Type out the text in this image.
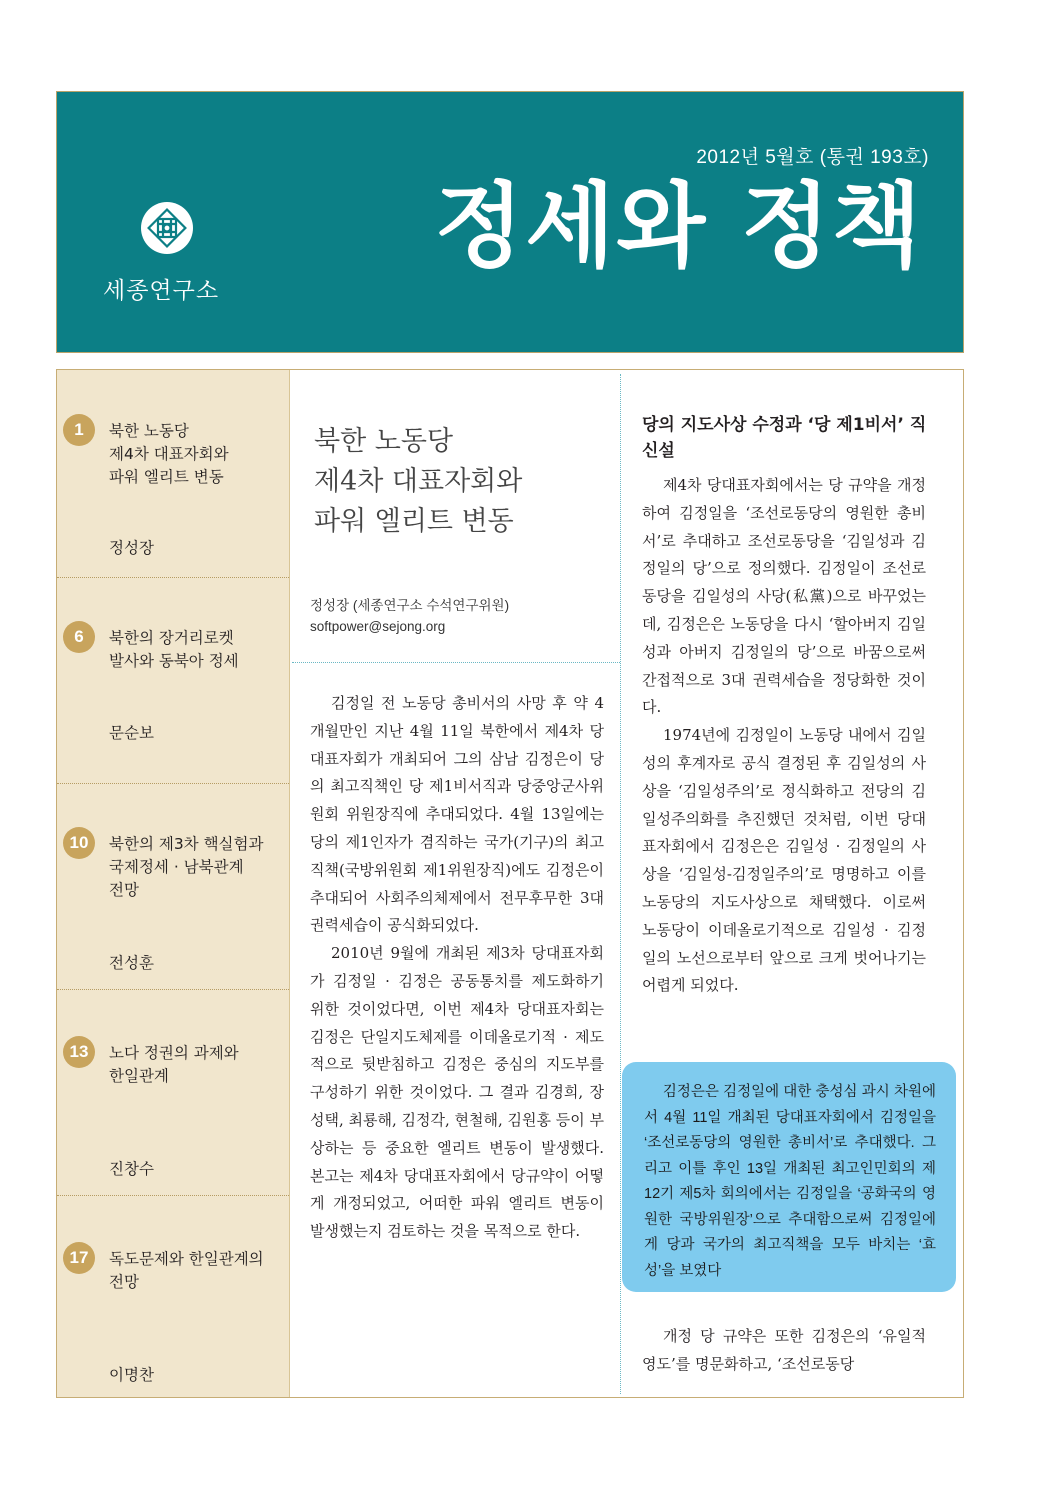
2012년 5월호 (통권 193호)
세종연구소
정세와 정책
1	북한 노동당
제4차 대표자회와
파워 엘리트 변동
정성장
6	북한의 장거리로켓
발사와 동북아 정세
문순보
10	북한의 제3차 핵실험과
국제정세 · 남북관계
전망
전성훈
13	노다 정권의 과제와
한일관계
진창수
17	독도문제와 한일관계의
전망
이명찬
북한 노동당
제4차 대표자회와
파워 엘리트 변동
정성장 (세종연구소 수석연구위원)
softpower@sejong.org

김정일 전 노동당 총비서의 사망 후 약 4개월만인 지난 4월 11일 북한에서 제4차 당대표자회가 개최되어 그의 삼남 김정은이 당의 최고직책인 당 제1비서직과 당중앙군사위원회 위원장직에 추대되었다. 4월 13일에는 당의 제1인자가 겸직하는 국가(기구)의 최고직책(국방위원회 제1위원장직)에도 김정은이 추대되어 사회주의체제에서 전무후무한 3대 권력세습이 공식화되었다.

2010년 9월에 개최된 제3차 당대표자회가 김정일 · 김정은 공동통치를 제도화하기 위한 것이었다면, 이번 제4차 당대표자회는 김정은 단일지도체제를 이데올로기적 · 제도적으로 뒷받침하고 김정은 중심의 지도부를 구성하기 위한 것이었다. 그 결과 김경희, 장성택, 최룡해, 김정각, 현철해, 김원홍 등이 부상하는 등 중요한 엘리트 변동이 발생했다. 본고는 제4차 당대표자회에서 당규약이 어떻게 개정되었고, 어떠한 파워 엘리트 변동이 발생했는지 검토하는 것을 목적으로 한다.

당의 지도사상 수정과 ‘당 제1비서’ 직 신설

제4차 당대표자회에서는 당 규약을 개정하여 김정일을 ‘조선로동당의 영원한 총비서’로 추대하고 조선로동당을 ‘김일성과 김정일의 당’으로 정의했다. 김정일이 조선로동당을 김일성의 사당(私黨)으로 바꾸었는데, 김정은은 노동당을 다시 ‘할아버지 김일성과 아버지 김정일의 당’으로 바꿈으로써 간접적으로 3대 권력세습을 정당화한 것이다.

1974년에 김정일이 노동당 내에서 김일성의 후계자로 공식 결정된 후 김일성의 사상을 ‘김일성주의’로 정식화하고 전당의 김일성주의화를 추진했던 것처럼, 이번 당대표자회에서 김정은은 김일성 · 김정일의 사상을 ‘김일성-김정일주의’로 명명하고 이를 노동당의 지도사상으로 채택했다. 이로써 노동당이 이데올로기적으로 김일성 · 김정일의 노선으로부터 앞으로 크게 벗어나기는 어렵게 되었다.

김정은은 김정일에 대한 충성심 과시 차원에서 4월 11일 개최된 당대표자회에서 김정일을 ‘조선로동당의 영원한 총비서’로 추대했다. 그리고 이틀 후인 13일 개최된 최고인민회의 제12기 제5차 회의에서는 김정일을 ‘공화국의 영원한 국방위원장’으로 추대함으로써 김정일에게 당과 국가의 최고직책을 모두 바치는 ‘효성’을 보였다

개정 당 규약은 또한 김정은의 ‘유일적 영도’를 명문화하고, ‘조선로동당
